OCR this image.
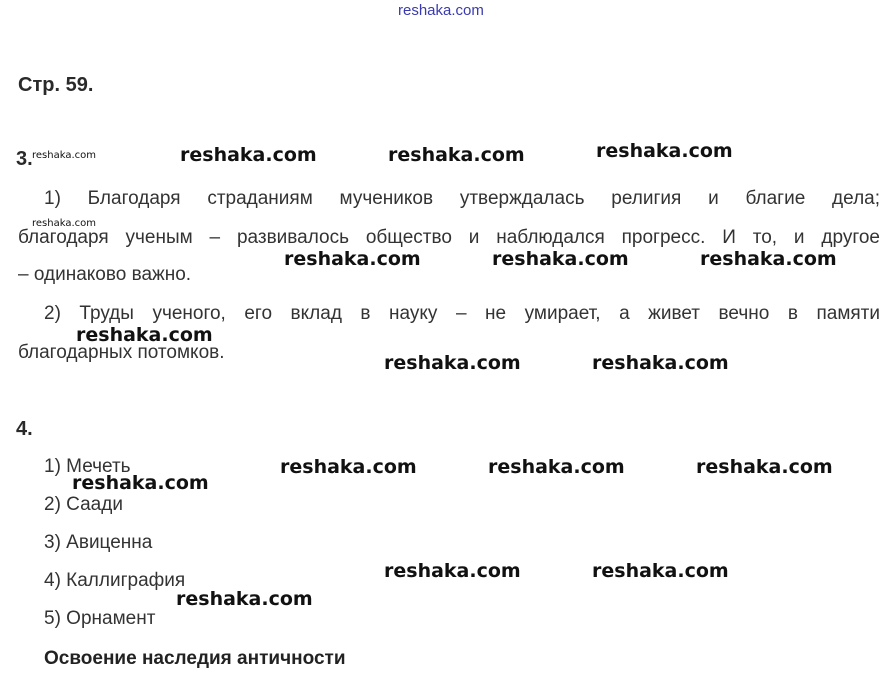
reshaka.com
Стр. 59.
3. reshaka.com
1) Благодаря страданиям мучеников утверждалась религия и благие дела;
reshaka.com
благодаря ученым – развивалось общество и наблюдался прогресс. И то, и другое
– одинаково важно.
2) Труды ученого, его вклад в науку – не умирает, а живет вечно в памяти
благодарных потомков.
4.
1) Мечеть
2) Саади
3) Авиценна
4) Каллиграфия
5) Орнамент
Освоение наследия античности
reshaka.com	reshaka.com	reshaka.com
reshaka.com	reshaka.com	reshaka.com
reshaka.com
reshaka.com	reshaka.com
reshaka.com	reshaka.com	reshaka.com
reshaka.com
reshaka.com	reshaka.com
reshaka.com
